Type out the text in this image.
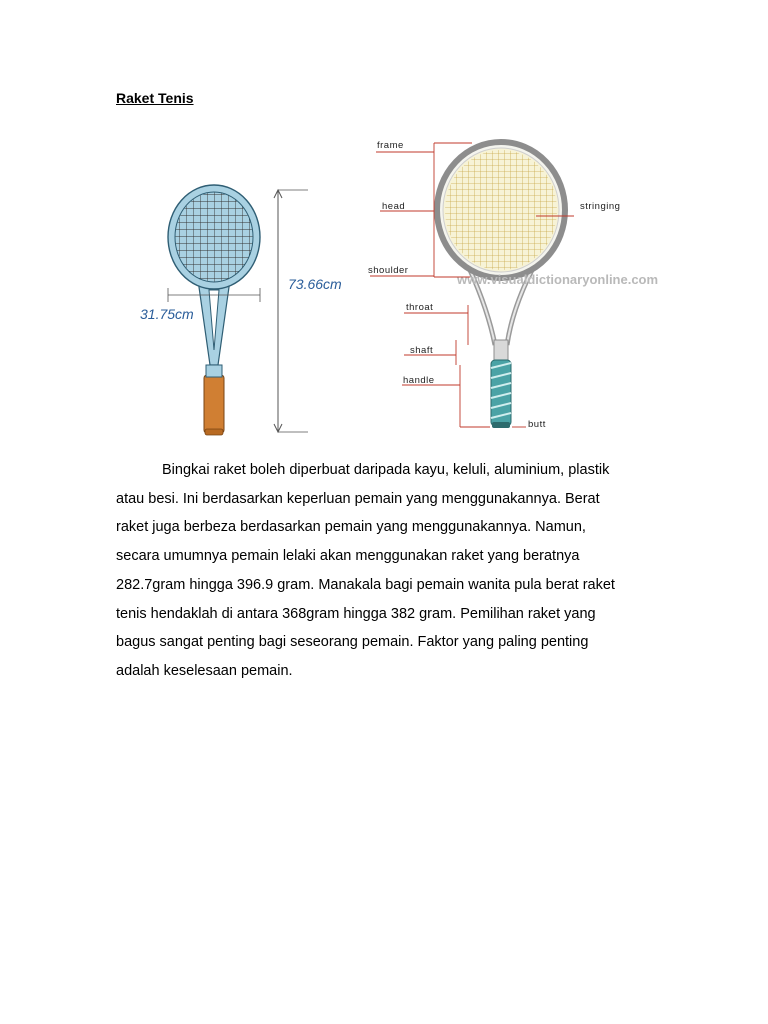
Raket Tenis
31.75cm
73.66cm	www.visualdictionaryonline.com
frame
head
shoulder
throat
shaft
handle
stringing
butt

Bingkai raket boleh diperbuat daripada kayu, keluli, aluminium, plastik
atau besi. Ini berdasarkan keperluan pemain yang menggunakannya. Berat
raket juga berbeza berdasarkan pemain yang menggunakannya. Namun,
secara umumnya pemain lelaki akan menggunakan raket yang beratnya
282.7gram hingga 396.9 gram. Manakala bagi pemain wanita pula berat raket
tenis hendaklah di antara 368gram hingga 382 gram. Pemilihan raket yang
bagus sangat penting bagi seseorang pemain. Faktor yang paling penting
adalah keselesaan pemain.
